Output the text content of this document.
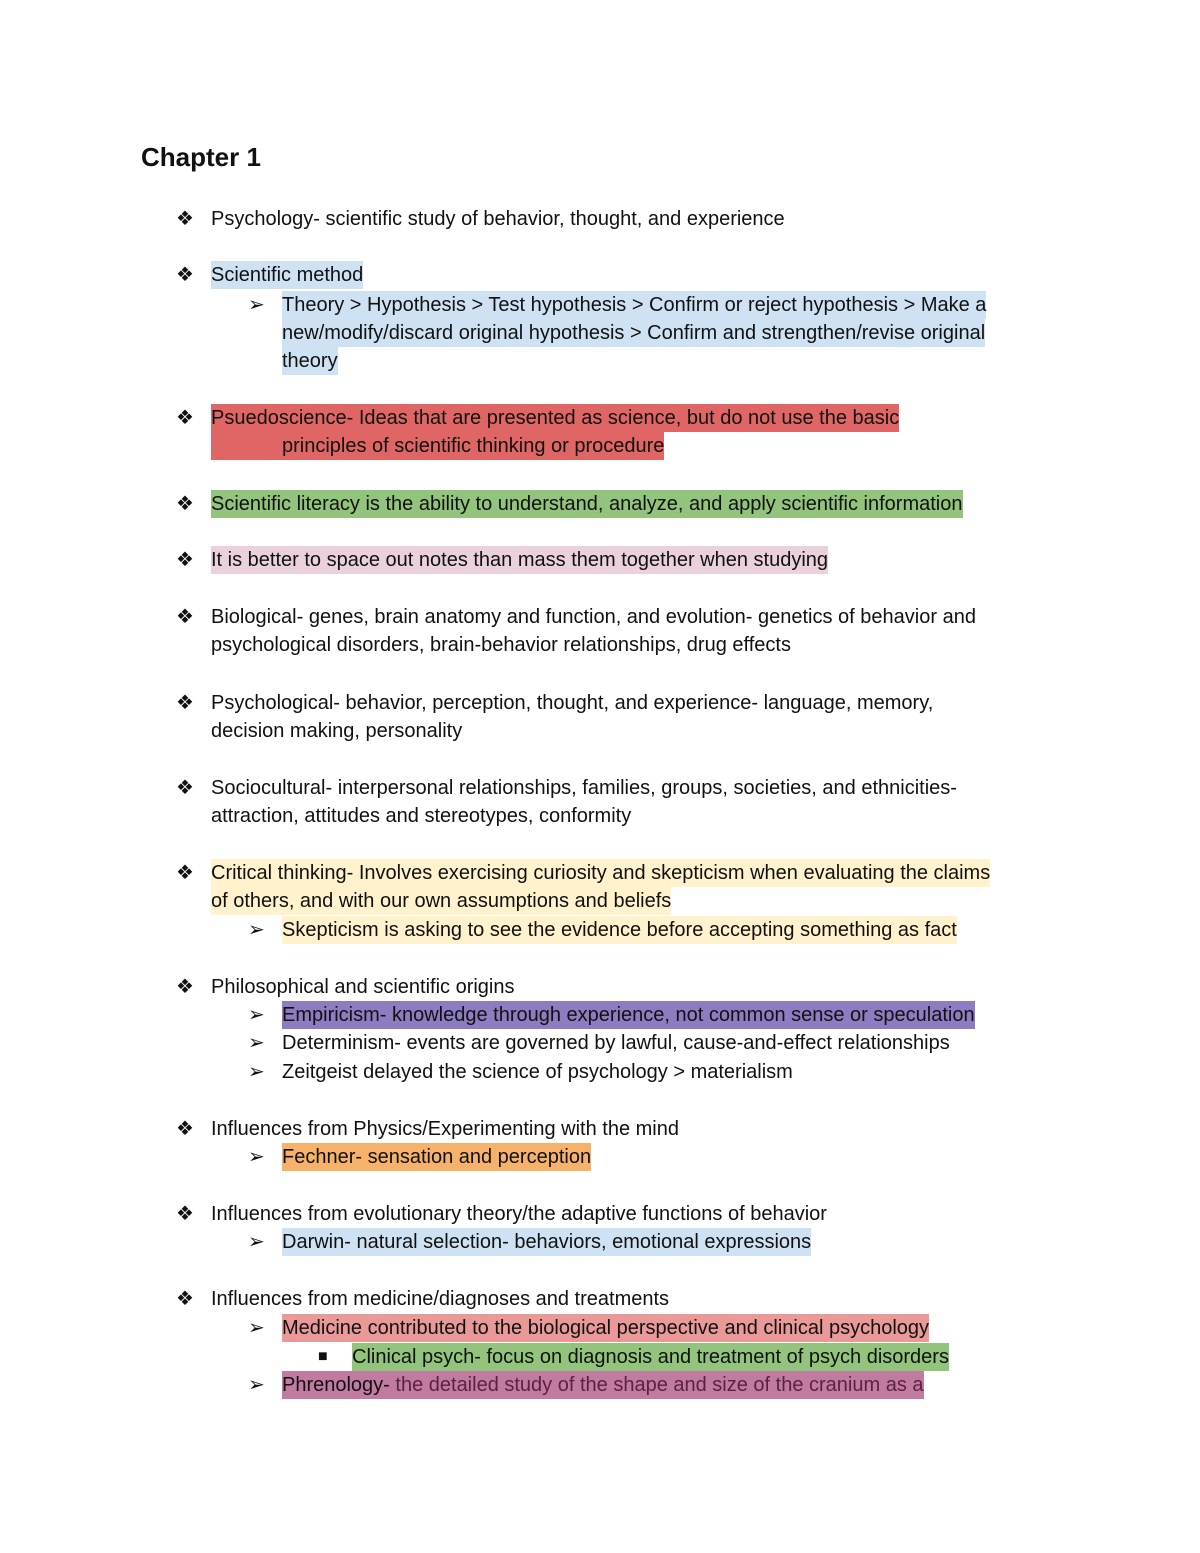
Chapter 1
❖ Psychology- scientific study of behavior, thought, and experience
❖ Scientific method
➢ Theory > Hypothesis > Test hypothesis > Confirm or reject hypothesis > Make a
new/modify/discard original hypothesis > Confirm and strengthen/revise original
theory
❖ Psuedoscience- Ideas that are presented as science, but do not use the basic
principles of scientific thinking or procedure
❖ Scientific literacy is the ability to understand, analyze, and apply scientific information
❖ It is better to space out notes than mass them together when studying
❖ Biological- genes, brain anatomy and function, and evolution- genetics of behavior and
psychological disorders, brain-behavior relationships, drug effects
❖ Psychological- behavior, perception, thought, and experience- language, memory,
decision making, personality
❖ Sociocultural- interpersonal relationships, families, groups, societies, and ethnicities-
attraction, attitudes and stereotypes, conformity
❖ Critical thinking- Involves exercising curiosity and skepticism when evaluating the claims
of others, and with our own assumptions and beliefs
➢ Skepticism is asking to see the evidence before accepting something as fact
❖ Philosophical and scientific origins
➢ Empiricism- knowledge through experience, not common sense or speculation
➢ Determinism- events are governed by lawful, cause-and-effect relationships
➢ Zeitgeist delayed the science of psychology > materialism
❖ Influences from Physics/Experimenting with the mind
➢ Fechner- sensation and perception
❖ Influences from evolutionary theory/the adaptive functions of behavior
➢ Darwin- natural selection- behaviors, emotional expressions
❖ Influences from medicine/diagnoses and treatments
➢ Medicine contributed to the biological perspective and clinical psychology
■ Clinical psych- focus on diagnosis and treatment of psych disorders
➢ Phrenology- the detailed study of the shape and size of the cranium as a
